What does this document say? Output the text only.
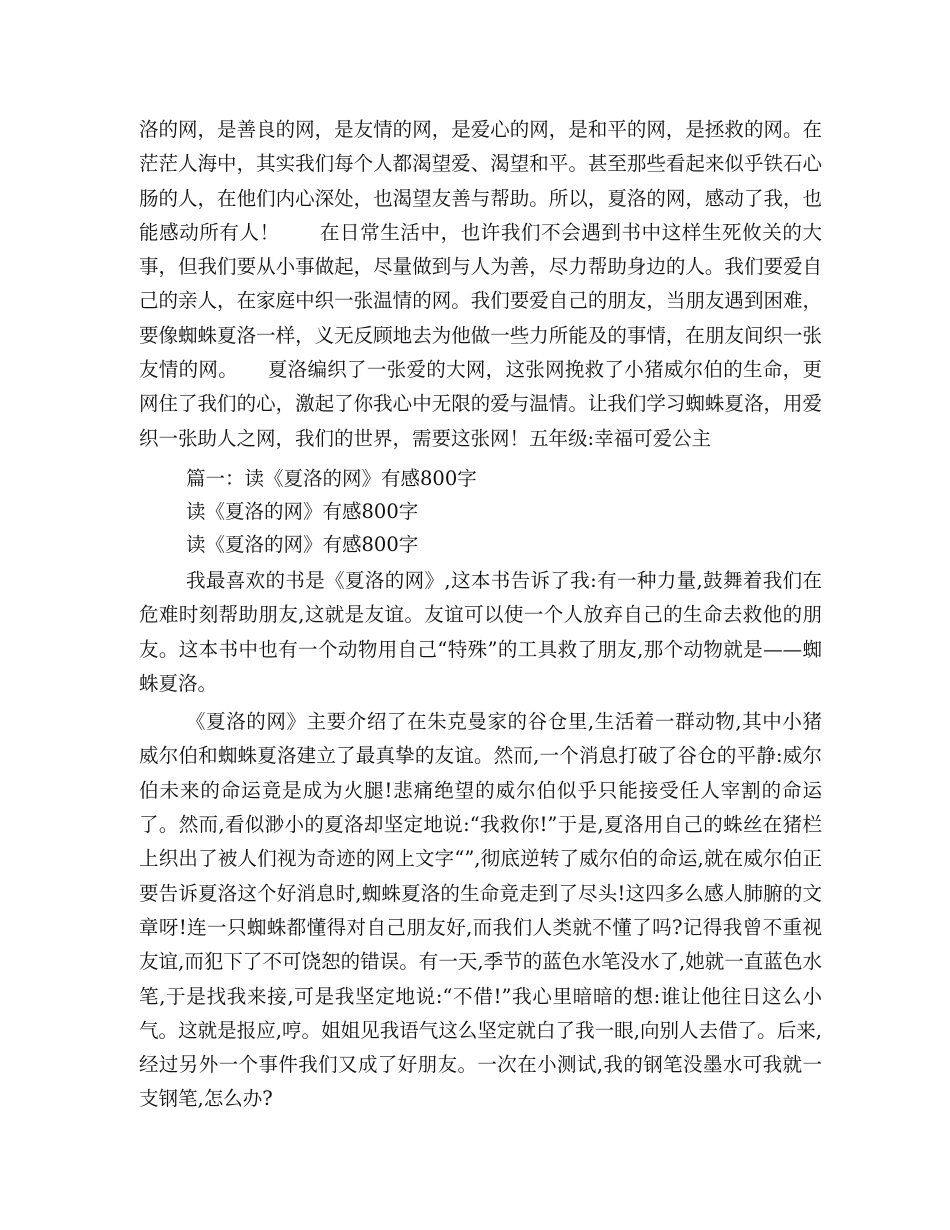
洛的网，是善良的网，是友情的网，是爱心的网，是和平的网，是拯救的网。在茫茫人海中，其实我们每个人都渴望爱、渴望和平。甚至那些看起来似乎铁石心肠的人，在他们内心深处，也渴望友善与帮助。所以，夏洛的网，感动了我，也能感动所有人！　　在日常生活中，也许我们不会遇到书中这样生死攸关的大事，但我们要从小事做起，尽量做到与人为善，尽力帮助身边的人。我们要爱自己的亲人，在家庭中织一张温情的网。我们要爱自己的朋友，当朋友遇到困难，要像蜘蛛夏洛一样，义无反顾地去为他做一些力所能及的事情，在朋友间织一张友情的网。　　夏洛编织了一张爱的大网，这张网挽救了小猪威尔伯的生命，更网住了我们的心，激起了你我心中无限的爱与温情。让我们学习蜘蛛夏洛，用爱织一张助人之网，我们的世界，需要这张网！五年级:幸福可爱公主

篇一：读《夏洛的网》有感800字

读《夏洛的网》有感800字

读《夏洛的网》有感800字

我最喜欢的书是《夏洛的网》,这本书告诉了我:有一种力量,鼓舞着我们在危难时刻帮助朋友,这就是友谊。友谊可以使一个人放弃自己的生命去救他的朋友。这本书中也有一个动物用自己“特殊”的工具救了朋友,那个动物就是——蜘蛛夏洛。

《夏洛的网》主要介绍了在朱克曼家的谷仓里,生活着一群动物,其中小猪威尔伯和蜘蛛夏洛建立了最真挚的友谊。然而,一个消息打破了谷仓的平静:威尔伯未来的命运竟是成为火腿!悲痛绝望的威尔伯似乎只能接受任人宰割的命运了。然而,看似渺小的夏洛却坚定地说:“我救你!”于是,夏洛用自己的蛛丝在猪栏上织出了被人们视为奇迹的网上文字“”,彻底逆转了威尔伯的命运,就在威尔伯正要告诉夏洛这个好消息时,蜘蛛夏洛的生命竟走到了尽头!这四多么感人肺腑的文章呀!连一只蜘蛛都懂得对自己朋友好,而我们人类就不懂了吗?记得我曾不重视友谊,而犯下了不可饶恕的错误。有一天,季节的蓝色水笔没水了,她就一直蓝色水笔,于是找我来接,可是我坚定地说:“不借!”我心里暗暗的想:谁让他往日这么小气。这就是报应,哼。姐姐见我语气这么坚定就白了我一眼,向别人去借了。后来,经过另外一个事件我们又成了好朋友。一次在小测试,我的钢笔没墨水可我就一支钢笔,怎么办?
